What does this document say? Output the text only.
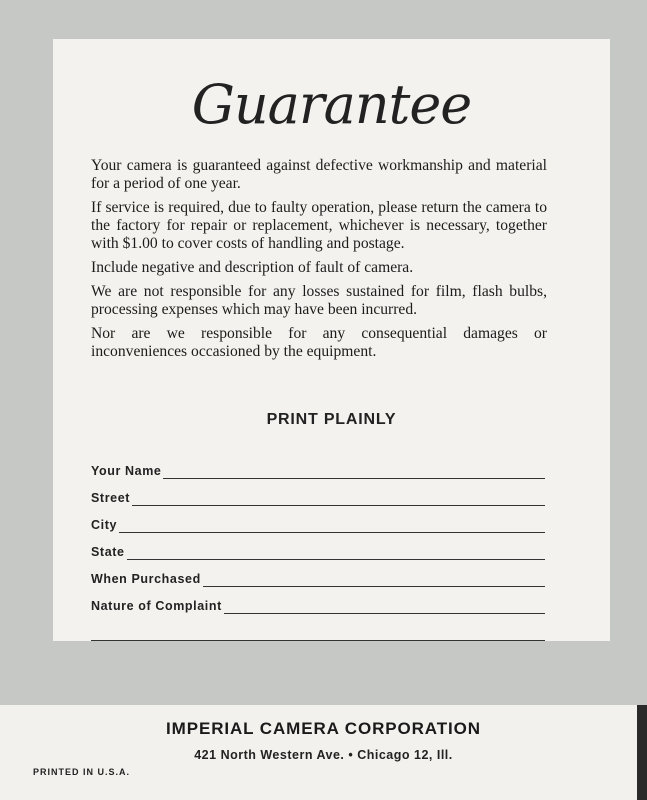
Guarantee

Your camera is guaranteed against defective workmanship and material for a period of one year.

If service is required, due to faulty operation, please return the camera to the factory for repair or replacement, whichever is necessary, together with $1.00 to cover costs of handling and postage.

Include negative and description of fault of camera.

We are not responsible for any losses sustained for film, flash bulbs, processing expenses which may have been incurred.

Nor are we responsible for any consequential damages or inconveniences occasioned by the equipment.

PRINT PLAINLY
Your Name
Street
City
State
When Purchased
Nature of Complaint
IMPERIAL CAMERA CORPORATION
421 North Western Ave. • Chicago 12, Ill.
PRINTED IN U.S.A.
